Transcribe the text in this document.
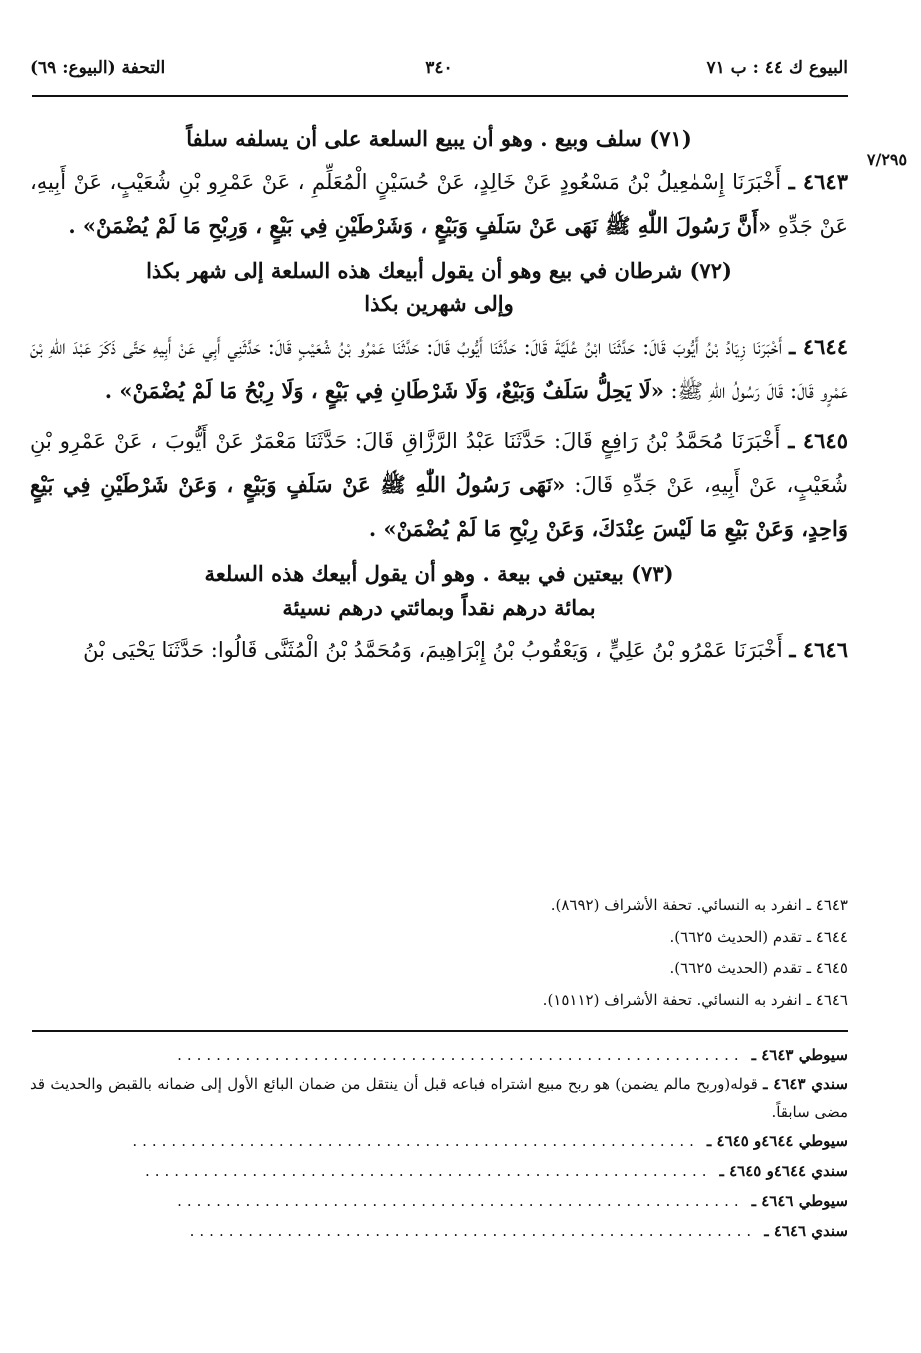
البيوع ك ٤٤ : ب ٧١
٣٤٠
التحفة (البيوع: ٦٩)
٧/٢٩٥
(٧١) سلف وبيع . وهو أن يبيع السلعة على أن يسلفه سلفاً
٤٦٤٣ ـ أَخْبَرَنَا إِسْمٰعِيلُ بْنُ مَسْعُودٍ عَنْ خَالِدٍ، عَنْ حُسَيْنٍ الْمُعَلِّمِ ، عَنْ عَمْرِو بْنِ شُعَيْبٍ، عَنْ أَبِيهِ، عَنْ جَدِّهِ «أَنَّ رَسُولَ اللّٰهِ ﷺ نَهَى عَنْ سَلَفٍ وَبَيْعٍ ، وَشَرْطَيْنِ فِي بَيْعٍ ، وَرِبْحِ مَا لَمْ يُضْمَنْ» .
(٧٢) شرطان في بيع وهو أن يقول أبيعك هذه السلعة إلى شهر بكذا
وإلى شهرين بكذا
٤٦٤٤ ـ أَخْبَرَنَا زِيَادُ بْنُ أَيُّوبَ قَالَ: حَدَّثَنَا ابْنُ عُلَيَّةَ قَالَ: حَدَّثَنَا أَيُّوبُ قَالَ: حَدَّثَنَا عَمْرُو بْنُ شُعَيْبٍ قَالَ: حَدَّثَنِي أَبِي عَنْ أَبِيهِ حَتَّى ذَكَرَ عَبْدَ اللّٰهِ بْنَ عَمْرٍو قَالَ: قَالَ رَسُولُ اللّٰهِ ﷺ: «لَا يَحِلُّ سَلَفٌ وَبَيْعٌ، وَلَا شَرْطَانِ فِي بَيْعٍ ، وَلَا رِبْحُ مَا لَمْ يُضْمَنْ» .
٤٦٤٥ ـ أَخْبَرَنَا مُحَمَّدُ بْنُ رَافِعٍ قَالَ: حَدَّثَنَا عَبْدُ الرَّزَّاقِ قَالَ: حَدَّثَنَا مَعْمَرٌ عَنْ أَيُّوبَ ، عَنْ عَمْرِو بْنِ شُعَيْبٍ، عَنْ أَبِيهِ، عَنْ جَدِّهِ قَالَ: «نَهَى رَسُولُ اللّٰهِ ﷺ عَنْ سَلَفٍ وَبَيْعٍ ، وَعَنْ شَرْطَيْنِ فِي بَيْعٍ وَاحِدٍ، وَعَنْ بَيْعِ مَا لَيْسَ عِنْدَكَ، وَعَنْ رِبْحِ مَا لَمْ يُضْمَنْ» .
(٧٣) بيعتين في بيعة . وهو أن يقول أبيعك هذه السلعة
بمائة درهم نقداً وبمائتي درهم نسيئة
٤٦٤٦ ـ أَخْبَرَنَا عَمْرُو بْنُ عَلِيٍّ ، وَيَعْقُوبُ بْنُ إِبْرَاهِيمَ، وَمُحَمَّدُ بْنُ الْمُثَنَّى قَالُوا: حَدَّثَنَا يَحْيَى بْنُ
٤٦٤٣ ـ انفرد به النسائي. تحفة الأشراف (٨٦٩٢).
٤٦٤٤ ـ تقدم (الحديث ٦٦٢٥).
٤٦٤٥ ـ تقدم (الحديث ٦٦٢٥).
٤٦٤٦ ـ انفرد به النسائي. تحفة الأشراف (١٥١١٢).
سيوطي ٤٦٤٣ ـ
..........................................................
سندي ٤٦٤٣ ـ قوله(وربح مالم يضمن) هو ربح مبيع اشتراه فباعه قبل أن ينتقل من ضمان البائع الأول إلى ضمانه بالقبض والحديث قد مضى سابقاً.
سيوطي ٤٦٤٤و ٤٦٤٥ ـ
..........................................................
سندي ٤٦٤٤و ٤٦٤٥ ـ
..........................................................
سيوطي ٤٦٤٦ ـ
..........................................................
سندي ٤٦٤٦ ـ
..........................................................
